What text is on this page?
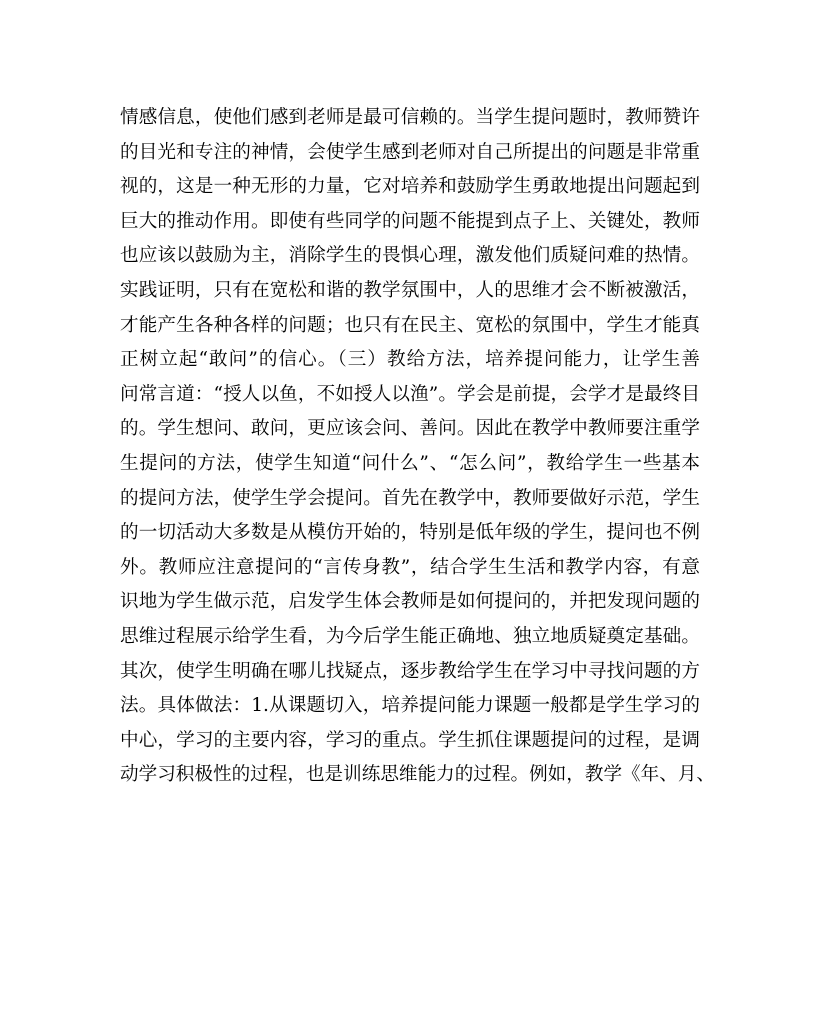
情感信息，使他们感到老师是最可信赖的。当学生提问题时，教师赞许
的目光和专注的神情，会使学生感到老师对自己所提出的问题是非常重
视的，这是一种无形的力量，它对培养和鼓励学生勇敢地提出问题起到
巨大的推动作用。即使有些同学的问题不能提到点子上、关键处，教师
也应该以鼓励为主，消除学生的畏惧心理，激发他们质疑问难的热情。
实践证明，只有在宽松和谐的教学氛围中，人的思维才会不断被激活，
才能产生各种各样的问题；也只有在民主、宽松的氛围中，学生才能真
正树立起“敢问”的信心。（三）教给方法，培养提问能力，让学生善
问常言道：“授人以鱼，不如授人以渔”。学会是前提，会学才是最终目
的。学生想问、敢问，更应该会问、善问。因此在教学中教师要注重学
生提问的方法，使学生知道“问什么”、“怎么问”，教给学生一些基本
的提问方法，使学生学会提问。首先在教学中，教师要做好示范，学生
的一切活动大多数是从模仿开始的，特别是低年级的学生，提问也不例
外。教师应注意提问的“言传身教”，结合学生生活和教学内容，有意
识地为学生做示范，启发学生体会教师是如何提问的，并把发现问题的
思维过程展示给学生看，为今后学生能正确地、独立地质疑奠定基础。
其次，使学生明确在哪儿找疑点，逐步教给学生在学习中寻找问题的方
法。具体做法：1.从课题切入，培养提问能力课题一般都是学生学习的
中心，学习的主要内容，学习的重点。学生抓住课题提问的过程，是调
动学习积极性的过程，也是训练思维能力的过程。例如，教学《年、月、
